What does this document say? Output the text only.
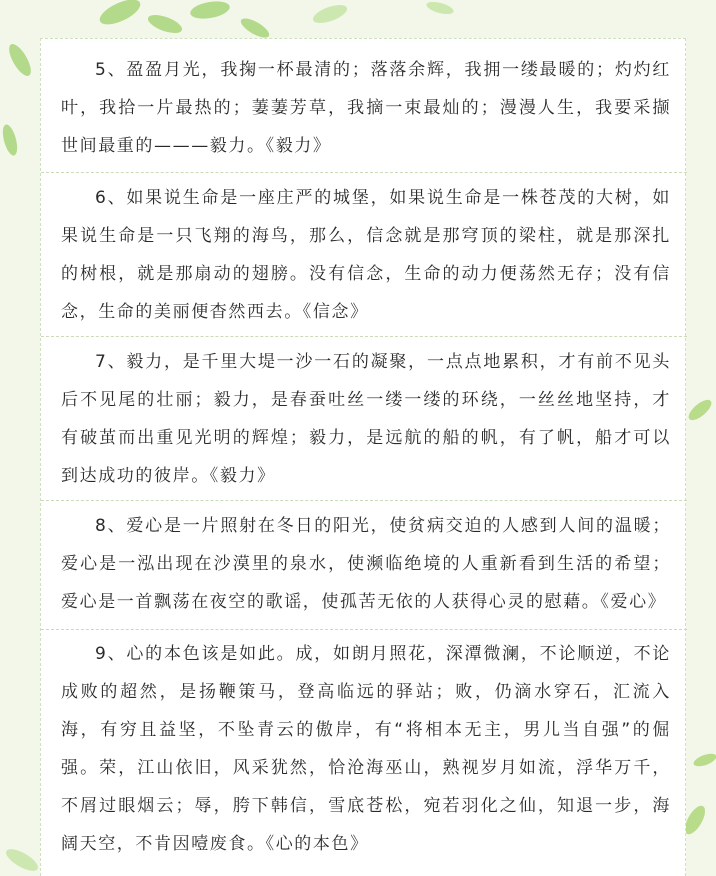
5、盈盈月光，我掬一杯最清的；落落余辉，我拥一缕最暖的；灼灼红叶，我拾一片最热的；萋萋芳草，我摘一束最灿的；漫漫人生，我要采撷世间最重的———毅力。《毅力》

6、如果说生命是一座庄严的城堡，如果说生命是一株苍茂的大树，如果说生命是一只飞翔的海鸟，那么，信念就是那穹顶的梁柱，就是那深扎的树根，就是那扇动的翅膀。没有信念，生命的动力便荡然无存；没有信念，生命的美丽便杳然西去。《信念》

7、毅力，是千里大堤一沙一石的凝聚，一点点地累积，才有前不见头后不见尾的壮丽；毅力，是春蚕吐丝一缕一缕的环绕，一丝丝地坚持，才有破茧而出重见光明的辉煌；毅力，是远航的船的帆，有了帆，船才可以到达成功的彼岸。《毅力》

8、爱心是一片照射在冬日的阳光，使贫病交迫的人感到人间的温暖；爱心是一泓出现在沙漠里的泉水，使濒临绝境的人重新看到生活的希望；爱心是一首飘荡在夜空的歌谣，使孤苦无依的人获得心灵的慰藉。《爱心》

9、心的本色该是如此。成，如朗月照花，深潭微澜，不论顺逆，不论成败的超然，是扬鞭策马，登高临远的驿站；败，仍滴水穿石，汇流入海，有穷且益坚，不坠青云的傲岸，有“将相本无主，男儿当自强”的倔强。荣，江山依旧，风采犹然，恰沧海巫山，熟视岁月如流，浮华万千，不屑过眼烟云；辱，胯下韩信，雪底苍松，宛若羽化之仙，知退一步，海阔天空，不肯因噎废食。《心的本色》
